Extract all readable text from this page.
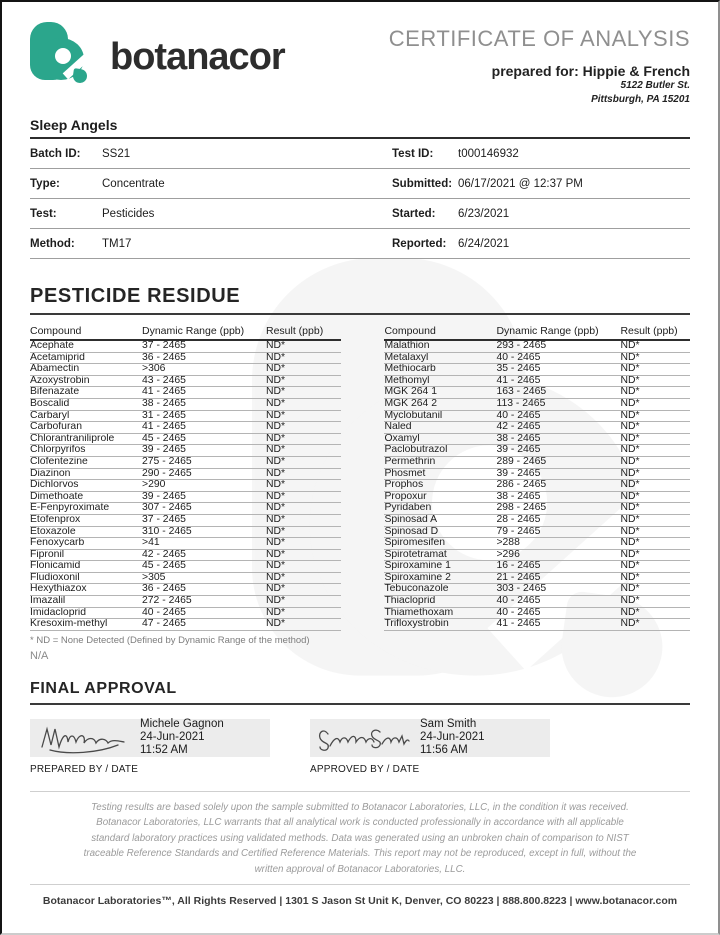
botanacor	CERTIFICATE OF ANALYSIS
prepared for: Hippie & French
5122 Butler St.
Pittsburgh, PA 15201
Sleep Angels
Batch ID:	SS21	Test ID:	t000146932
Type:	Concentrate	Submitted: 06/17/2021 @ 12:37 PM
Test:	Pesticides	Started:	6/23/2021
Method:	TM17	Reported:	6/24/2021
PESTICIDE RESIDUE
Compound	Dynamic Range (ppb)	Result (ppb)
Acephate	37 - 2465	ND*
Acetamiprid	36 - 2465	ND*
Abamectin	>306	ND*
Azoxystrobin	43 - 2465	ND*
Bifenazate	41 - 2465	ND*
Boscalid	38 - 2465	ND*
Carbaryl	31 - 2465	ND*
Carbofuran	41 - 2465	ND*
Chlorantraniliprole	45 - 2465	ND*
Chlorpyrifos	39 - 2465	ND*
Clofentezine	275 - 2465	ND*
Diazinon	290 - 2465	ND*
Dichlorvos	>290	ND*
Dimethoate	39 - 2465	ND*
E-Fenpyroximate	307 - 2465	ND*
Etofenprox	37 - 2465	ND*
Etoxazole	310 - 2465	ND*
Fenoxycarb	>41	ND*
Fipronil	42 - 2465	ND*
Flonicamid	45 - 2465	ND*
Fludioxonil	>305	ND*
Hexythiazox	36 - 2465	ND*
Imazalil	272 - 2465	ND*
Imidacloprid	40 - 2465	ND*
Kresoxim-methyl	47 - 2465	ND*
Compound	Dynamic Range (ppb)	Result (ppb)
Malathion	293 - 2465	ND*
Metalaxyl	40 - 2465	ND*
Methiocarb	35 - 2465	ND*
Methomyl	41 - 2465	ND*
MGK 264 1	163 - 2465	ND*
MGK 264 2	113 - 2465	ND*
Myclobutanil	40 - 2465	ND*
Naled	42 - 2465	ND*
Oxamyl	38 - 2465	ND*
Paclobutrazol	39 - 2465	ND*
Permethrin	289 - 2465	ND*
Phosmet	39 - 2465	ND*
Prophos	286 - 2465	ND*
Propoxur	38 - 2465	ND*
Pyridaben	298 - 2465	ND*
Spinosad A	28 - 2465	ND*
Spinosad D	79 - 2465	ND*
Spiromesifen	>288	ND*
Spirotetramat	>296	ND*
Spiroxamine 1	16 - 2465	ND*
Spiroxamine 2	21 - 2465	ND*
Tebuconazole	303 - 2465	ND*
Thiacloprid	40 - 2465	ND*
Thiamethoxam	40 - 2465	ND*
Trifloxystrobin	41 - 2465	ND*
* ND = None Detected (Defined by Dynamic Range of the method)
N/A
FINAL APPROVAL
Michele Gagnon
24-Jun-2021
11:52 AM
PREPARED BY / DATE
Sam Smith
24-Jun-2021
11:56 AM
APPROVED BY / DATE
Testing results are based solely upon the sample submitted to Botanacor Laboratories, LLC, in the condition it was received. Botanacor Laboratories, LLC warrants that all analytical work is conducted professionally in accordance with all applicable standard laboratory practices using validated methods. Data was generated using an unbroken chain of comparison to NIST traceable Reference Standards and Certified Reference Materials. This report may not be reproduced, except in full, without the written approval of Botanacor Laboratories, LLC.
Botanacor Laboratories™, All Rights Reserved | 1301 S Jason St Unit K, Denver, CO 80223 | 888.800.8223 | www.botanacor.com
